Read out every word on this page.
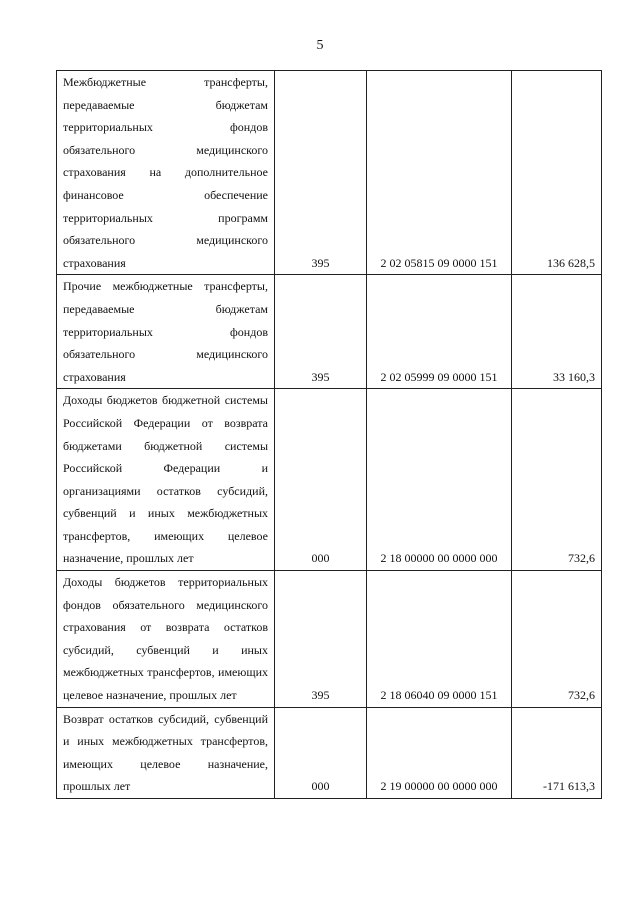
5
Межбюджетные трансферты, передаваемые бюджетам территориальных фондов обязательного медицинского страхования на дополнительное финансовое обеспечение территориальных программ обязательного медицинского страхования	395	2 02 05815 09 0000 151	136 628,5

Прочие межбюджетные трансферты, передаваемые бюджетам территориальных фондов обязательного медицинского страхования	395	2 02 05999 09 0000 151	33 160,3

Доходы бюджетов бюджетной системы Российской Федерации от возврата бюджетами бюджетной системы Российской Федерации и организациями остатков субсидий, субвенций и иных межбюджетных трансфертов, имеющих целевое назначение, прошлых лет	000	2 18 00000 00 0000 000	732,6

Доходы бюджетов территориальных фондов обязательного медицинского страхования от возврата остатков субсидий, субвенций и иных межбюджетных трансфертов, имеющих целевое назначение, прошлых лет	395	2 18 06040 09 0000 151	732,6

Возврат остатков субсидий, субвенций и иных межбюджетных трансфертов, имеющих целевое назначение, прошлых лет	000	2 19 00000 00 0000 000	-171 613,3
